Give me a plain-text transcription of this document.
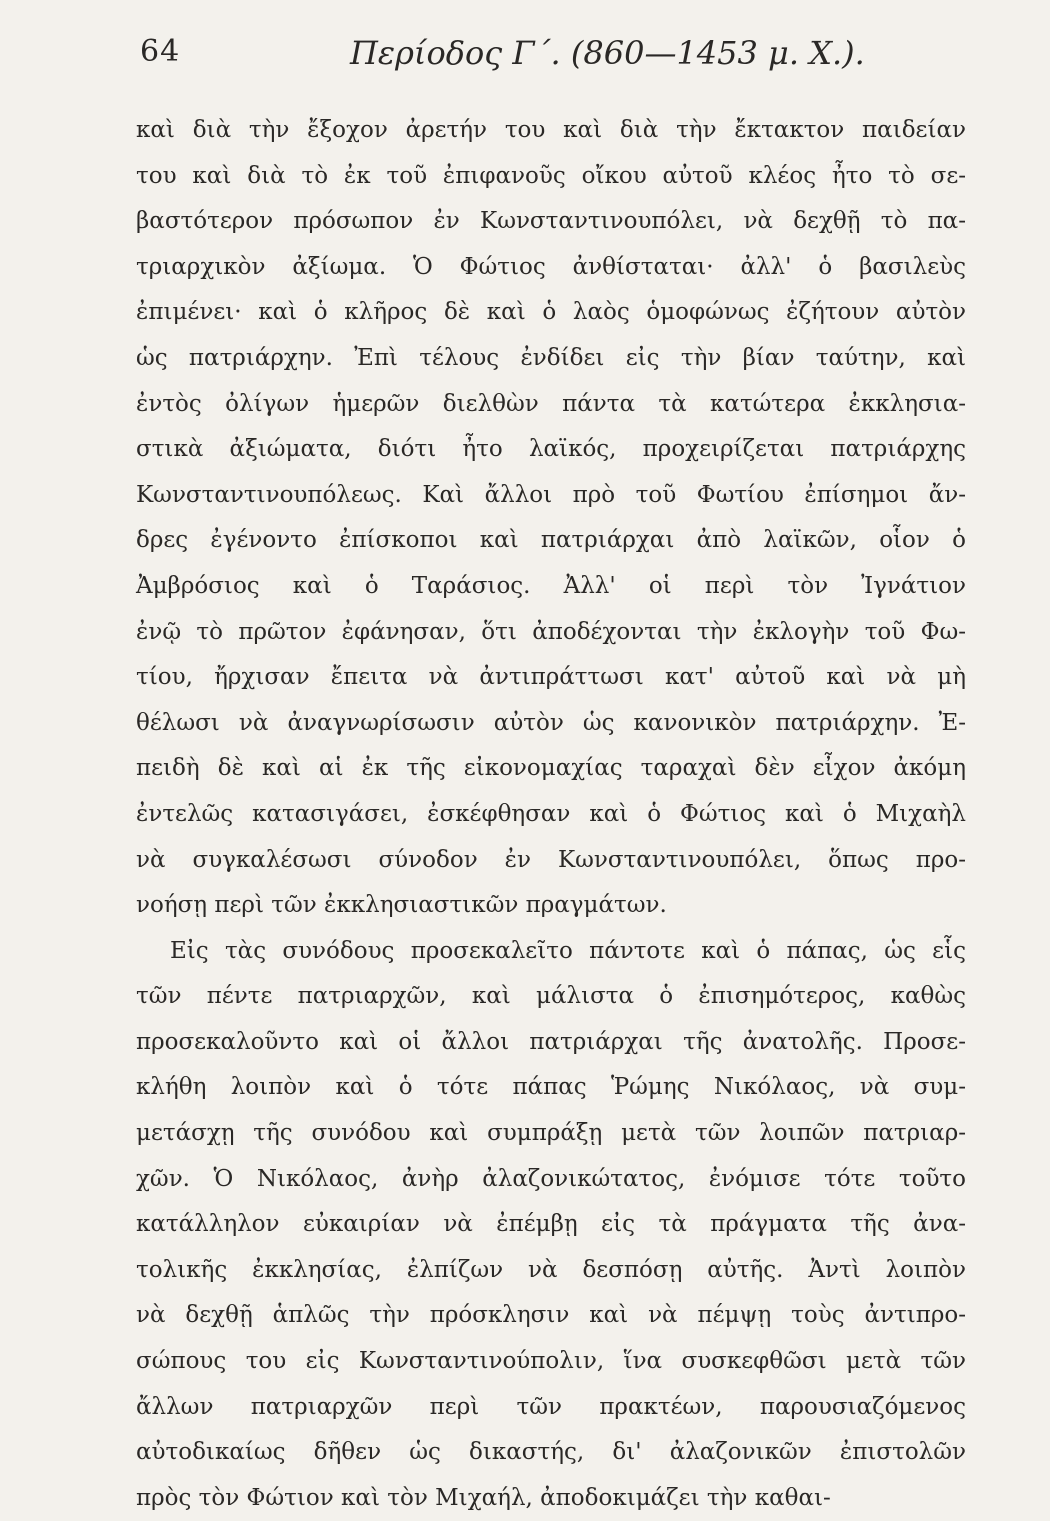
64	Περίοδος Γ΄. (860—1453 μ. Χ.).
καὶ διὰ τὴν ἔξοχον ἀρετήν του καὶ διὰ τὴν ἔκτακτον παιδείαν
του καὶ διὰ τὸ ἐκ τοῦ ἐπιφανοῦς οἴκου αὐτοῦ κλέος ἦτο τὸ σε-
βαστότερον πρόσωπον ἐν Κωνσταντινουπόλει, νὰ δεχθῇ τὸ πα-
τριαρχικὸν ἀξίωμα. Ὁ Φώτιος ἀνθίσταται· ἀλλ' ὁ βασιλεὺς
ἐπιμένει· καὶ ὁ κλῆρος δὲ καὶ ὁ λαὸς ὁμοφώνως ἐζήτουν αὐτὸν
ὡς πατριάρχην. Ἐπὶ τέλους ἐνδίδει εἰς τὴν βίαν ταύτην, καὶ
ἐντὸς ὀλίγων ἡμερῶν διελθὼν πάντα τὰ κατώτερα ἐκκλησια-
στικὰ ἀξιώματα, διότι ἦτο λαϊκός, προχειρίζεται πατριάρχης
Κωνσταντινουπόλεως. Καὶ ἄλλοι πρὸ τοῦ Φωτίου ἐπίσημοι ἄν-
δρες ἐγένοντο ἐπίσκοποι καὶ πατριάρχαι ἀπὸ λαϊκῶν, οἷον ὁ
Ἀμβρόσιος καὶ ὁ Ταράσιος. Ἀλλ' οἱ περὶ τὸν Ἰγνάτιον
ἐνῷ τὸ πρῶτον ἐφάνησαν, ὅτι ἀποδέχονται τὴν ἐκλογὴν τοῦ Φω-
τίου, ἤρχισαν ἔπειτα νὰ ἀντιπράττωσι κατ' αὐτοῦ καὶ νὰ μὴ
θέλωσι νὰ ἀναγνωρίσωσιν αὐτὸν ὡς κανονικὸν πατριάρχην. Ἐ-
πειδὴ δὲ καὶ αἱ ἐκ τῆς εἰκονομαχίας ταραχαὶ δὲν εἶχον ἀκόμη
ἐντελῶς κατασιγάσει, ἐσκέφθησαν καὶ ὁ Φώτιος καὶ ὁ Μιχαὴλ
νὰ συγκαλέσωσι σύνοδον ἐν Κωνσταντινουπόλει, ὅπως προ-
νοήσῃ περὶ τῶν ἐκκλησιαστικῶν πραγμάτων.
Εἰς τὰς συνόδους προσεκαλεῖτο πάντοτε καὶ ὁ πάπας, ὡς εἷς
τῶν πέντε πατριαρχῶν, καὶ μάλιστα ὁ ἐπισημότερος, καθὼς
προσεκαλοῦντο καὶ οἱ ἄλλοι πατριάρχαι τῆς ἀνατολῆς. Προσε-
κλήθη λοιπὸν καὶ ὁ τότε πάπας Ῥώμης Νικόλαος, νὰ συμ-
μετάσχῃ τῆς συνόδου καὶ συμπράξῃ μετὰ τῶν λοιπῶν πατριαρ-
χῶν. Ὁ Νικόλαος, ἀνὴρ ἀλαζονικώτατος, ἐνόμισε τότε τοῦτο
κατάλληλον εὐκαιρίαν νὰ ἐπέμβῃ εἰς τὰ πράγματα τῆς ἀνα-
τολικῆς ἐκκλησίας, ἐλπίζων νὰ δεσπόσῃ αὐτῆς. Ἀντὶ λοιπὸν
νὰ δεχθῇ ἁπλῶς τὴν πρόσκλησιν καὶ νὰ πέμψῃ τοὺς ἀντιπρο-
σώπους του εἰς Κωνσταντινούπολιν, ἵνα συσκεφθῶσι μετὰ τῶν
ἄλλων πατριαρχῶν περὶ τῶν πρακτέων, παρουσιαζόμενος
αὐτοδικαίως δῆθεν ὡς δικαστής, δι' ἀλαζονικῶν ἐπιστολῶν
πρὸς τὸν Φώτιον καὶ τὸν Μιχαήλ, ἀποδοκιμάζει τὴν καθαι-
